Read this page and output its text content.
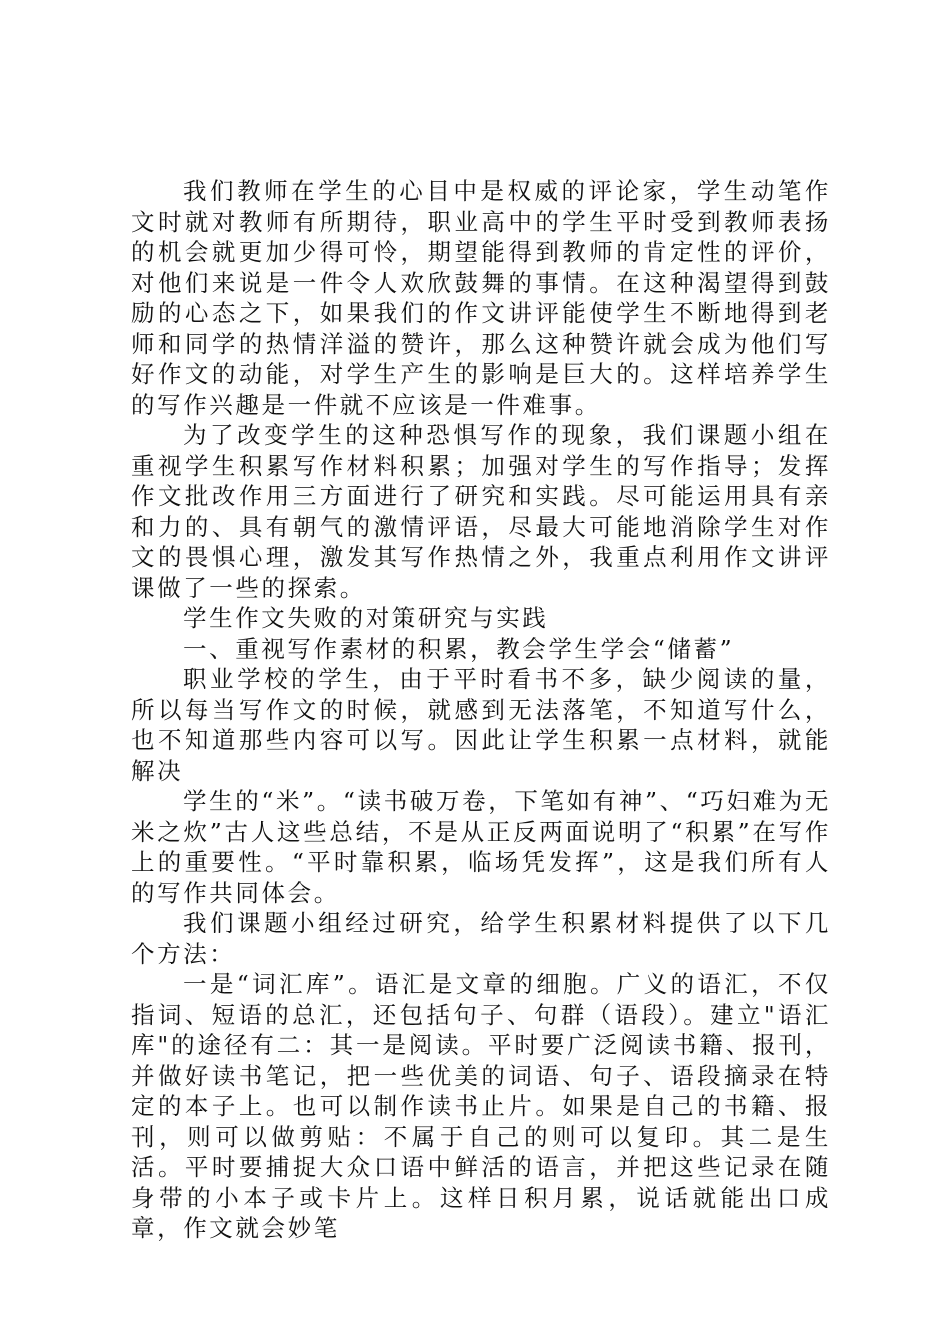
我们教师在学生的心目中是权威的评论家，学生动笔作文时就对教师有所期待，职业高中的学生平时受到教师表扬的机会就更加少得可怜，期望能得到教师的肯定性的评价，对他们来说是一件令人欢欣鼓舞的事情。在这种渴望得到鼓励的心态之下，如果我们的作文讲评能使学生不断地得到老师和同学的热情洋溢的赞许，那么这种赞许就会成为他们写好作文的动能，对学生产生的影响是巨大的。这样培养学生的写作兴趣是一件就不应该是一件难事。

为了改变学生的这种恐惧写作的现象，我们课题小组在重视学生积累写作材料积累；加强对学生的写作指导；发挥作文批改作用三方面进行了研究和实践。尽可能运用具有亲和力的、具有朝气的激情评语，尽最大可能地消除学生对作文的畏惧心理，激发其写作热情之外，我重点利用作文讲评课做了一些的探索。

学生作文失败的对策研究与实践

一、重视写作素材的积累，教会学生学会“储蓄”

职业学校的学生，由于平时看书不多，缺少阅读的量，所以每当写作文的时候，就感到无法落笔，不知道写什么，也不知道那些内容可以写。因此让学生积累一点材料，就能解决

学生的“米”。“读书破万卷，下笔如有神”、“巧妇难为无米之炊”古人这些总结，不是从正反两面说明了“积累”在写作上的重要性。“平时靠积累，临场凭发挥”，这是我们所有人的写作共同体会。

我们课题小组经过研究，给学生积累材料提供了以下几个方法：

一是“词汇库”。语汇是文章的细胞。广义的语汇，不仅指词、短语的总汇，还包括句子、句群（语段）。建立"语汇库"的途径有二：其一是阅读。平时要广泛阅读书籍、报刊，并做好读书笔记，把一些优美的词语、句子、语段摘录在特定的本子上。也可以制作读书止片。如果是自己的书籍、报刊，则可以做剪贴：不属于自己的则可以复印。其二是生活。平时要捕捉大众口语中鲜活的语言，并把这些记录在随身带的小本子或卡片上。这样日积月累，说话就能出口成章，作文就会妙笔
